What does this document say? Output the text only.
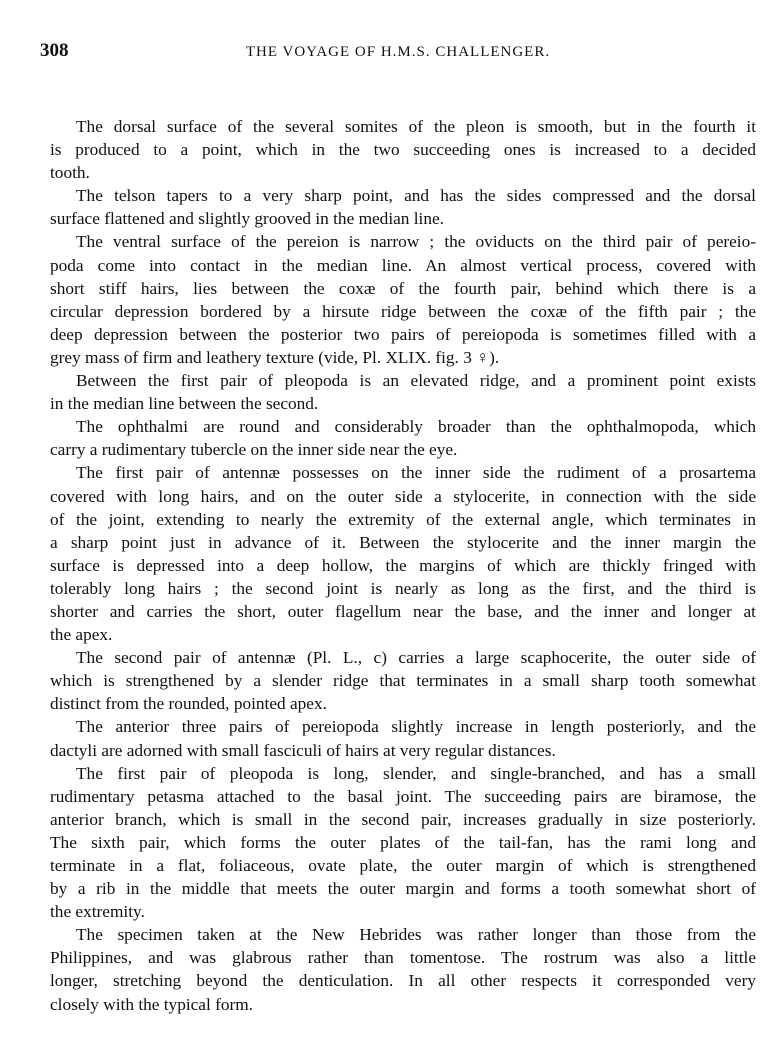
308	THE VOYAGE OF H.M.S. CHALLENGER.
The dorsal surface of the several somites of the pleon is smooth, but in the fourth it
is produced to a point, which in the two succeeding ones is increased to a decided
tooth.
The telson tapers to a very sharp point, and has the sides compressed and the dorsal
surface flattened and slightly grooved in the median line.
The ventral surface of the pereion is narrow ; the oviducts on the third pair of pereio-
poda come into contact in the median line. An almost vertical process, covered with
short stiff hairs, lies between the coxæ of the fourth pair, behind which there is a
circular depression bordered by a hirsute ridge between the coxæ of the fifth pair ; the
deep depression between the posterior two pairs of pereiopoda is sometimes filled with a
grey mass of firm and leathery texture (vide, Pl. XLIX. fig. 3 ♀).
Between the first pair of pleopoda is an elevated ridge, and a prominent point exists
in the median line between the second.
The ophthalmi are round and considerably broader than the ophthalmopoda, which
carry a rudimentary tubercle on the inner side near the eye.
The first pair of antennæ possesses on the inner side the rudiment of a prosartema
covered with long hairs, and on the outer side a stylocerite, in connection with the side
of the joint, extending to nearly the extremity of the external angle, which terminates in
a sharp point just in advance of it. Between the stylocerite and the inner margin the
surface is depressed into a deep hollow, the margins of which are thickly fringed with
tolerably long hairs ; the second joint is nearly as long as the first, and the third is
shorter and carries the short, outer flagellum near the base, and the inner and longer at
the apex.
The second pair of antennæ (Pl. L., c) carries a large scaphocerite, the outer side of
which is strengthened by a slender ridge that terminates in a small sharp tooth somewhat
distinct from the rounded, pointed apex.
The anterior three pairs of pereiopoda slightly increase in length posteriorly, and the
dactyli are adorned with small fasciculi of hairs at very regular distances.
The first pair of pleopoda is long, slender, and single-branched, and has a small
rudimentary petasma attached to the basal joint. The succeeding pairs are biramose, the
anterior branch, which is small in the second pair, increases gradually in size posteriorly.
The sixth pair, which forms the outer plates of the tail-fan, has the rami long and
terminate in a flat, foliaceous, ovate plate, the outer margin of which is strengthened
by a rib in the middle that meets the outer margin and forms a tooth somewhat short of
the extremity.
The specimen taken at the New Hebrides was rather longer than those from the
Philippines, and was glabrous rather than tomentose. The rostrum was also a little
longer, stretching beyond the denticulation. In all other respects it corresponded very
closely with the typical form.
